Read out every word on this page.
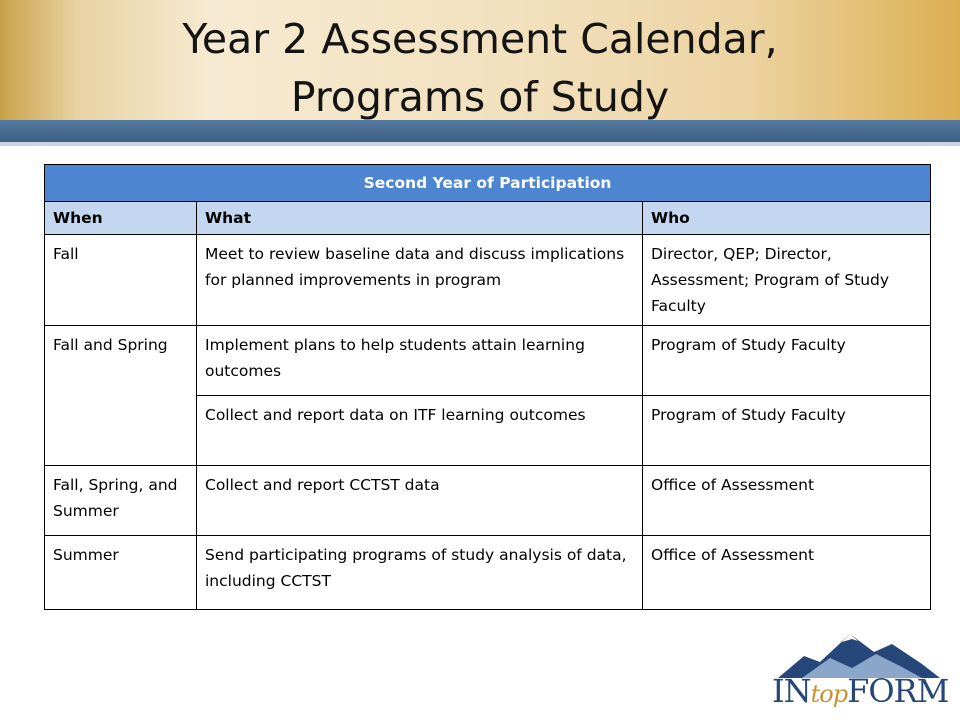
Year 2 Assessment Calendar,
Programs of Study
Second Year of Participation		
When	What	Who
Fall	Meet to review baseline data and discuss implications for planned improvements in program	Director, QEP; Director, Assessment; Program of Study Faculty
Fall and Spring	Implement plans to help students attain learning outcomes	Program of Study Faculty
	Collect and report data on ITF learning outcomes	Program of Study Faculty
Fall, Spring, and Summer	Collect and report CCTST data	Office of Assessment
Summer	Send participating programs of study analysis of data, including CCTST	Office of Assessment
INtopFORM
